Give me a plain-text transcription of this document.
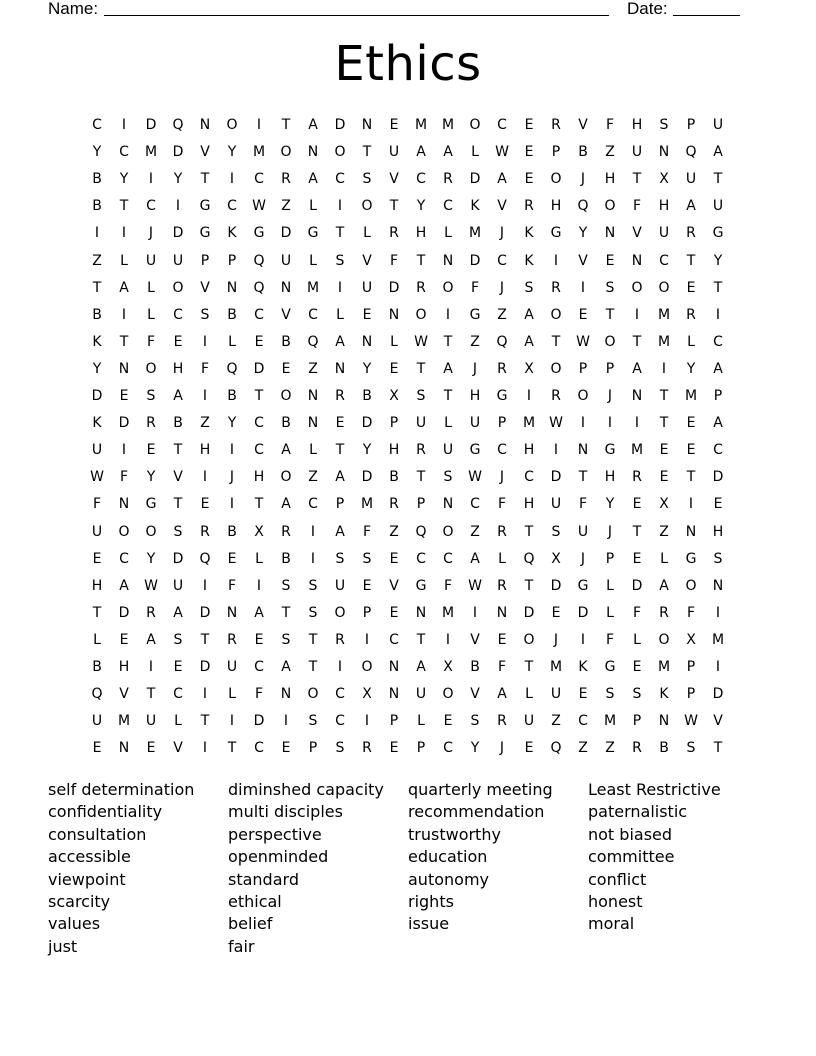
Name:	Date:
Ethics
C	I	D	Q	N	O	I	T	A	D	N	E	M	M	O	C	E	R	V	F	H	S	P	U
Y	C	M	D	V	Y	M	O	N	O	T	U	A	A	L	W	E	P	B	Z	U	N	Q	A
B	Y	I	Y	T	I	C	R	A	C	S	V	C	R	D	A	E	O	J	H	T	X	U	T
B	T	C	I	G	C	W	Z	L	I	O	T	Y	C	K	V	R	H	Q	O	F	H	A	U
I	I	J	D	G	K	G	D	G	T	L	R	H	L	M	J	K	G	Y	N	V	U	R	G
Z	L	U	U	P	P	Q	U	L	S	V	F	T	N	D	C	K	I	V	E	N	C	T	Y
T	A	L	O	V	N	Q	N	M	I	U	D	R	O	F	J	S	R	I	S	O	O	E	T
B	I	L	C	S	B	C	V	C	L	E	N	O	I	G	Z	A	O	E	T	I	M	R	I
K	T	F	E	I	L	E	B	Q	A	N	L	W	T	Z	Q	A	T	W	O	T	M	L	C
Y	N	O	H	F	Q	D	E	Z	N	Y	E	T	A	J	R	X	O	P	P	A	I	Y	A
D	E	S	A	I	B	T	O	N	R	B	X	S	T	H	G	I	R	O	J	N	T	M	P
K	D	R	B	Z	Y	C	B	N	E	D	P	U	L	U	P	M	W	I	I	I	T	E	A
U	I	E	T	H	I	C	A	L	T	Y	H	R	U	G	C	H	I	N	G	M	E	E	C
W	F	Y	V	I	J	H	O	Z	A	D	B	T	S	W	J	C	D	T	H	R	E	T	D
F	N	G	T	E	I	T	A	C	P	M	R	P	N	C	F	H	U	F	Y	E	X	I	E
U	O	O	S	R	B	X	R	I	A	F	Z	Q	O	Z	R	T	S	U	J	T	Z	N	H
E	C	Y	D	Q	E	L	B	I	S	S	E	C	C	A	L	Q	X	J	P	E	L	G	S
H	A	W	U	I	F	I	S	S	U	E	V	G	F	W	R	T	D	G	L	D	A	O	N
T	D	R	A	D	N	A	T	S	O	P	E	N	M	I	N	D	E	D	L	F	R	F	I
L	E	A	S	T	R	E	S	T	R	I	C	T	I	V	E	O	J	I	F	L	O	X	M
B	H	I	E	D	U	C	A	T	I	O	N	A	X	B	F	T	M	K	G	E	M	P	I
Q	V	T	C	I	L	F	N	O	C	X	N	U	O	V	A	L	U	E	S	S	K	P	D
U	M	U	L	T	I	D	I	S	C	I	P	L	E	S	R	U	Z	C	M	P	N	W	V
E	N	E	V	I	T	C	E	P	S	R	E	P	C	Y	J	E	Q	Z	Z	R	B	S	T
self determination
confidentiality
consultation
accessible
viewpoint
scarcity
values
just
diminshed capacity
multi disciples
perspective
openminded
standard
ethical
belief
fair
quarterly meeting
recommendation
trustworthy
education
autonomy
rights
issue
Least Restrictive
paternalistic
not biased
committee
conflict
honest
moral
